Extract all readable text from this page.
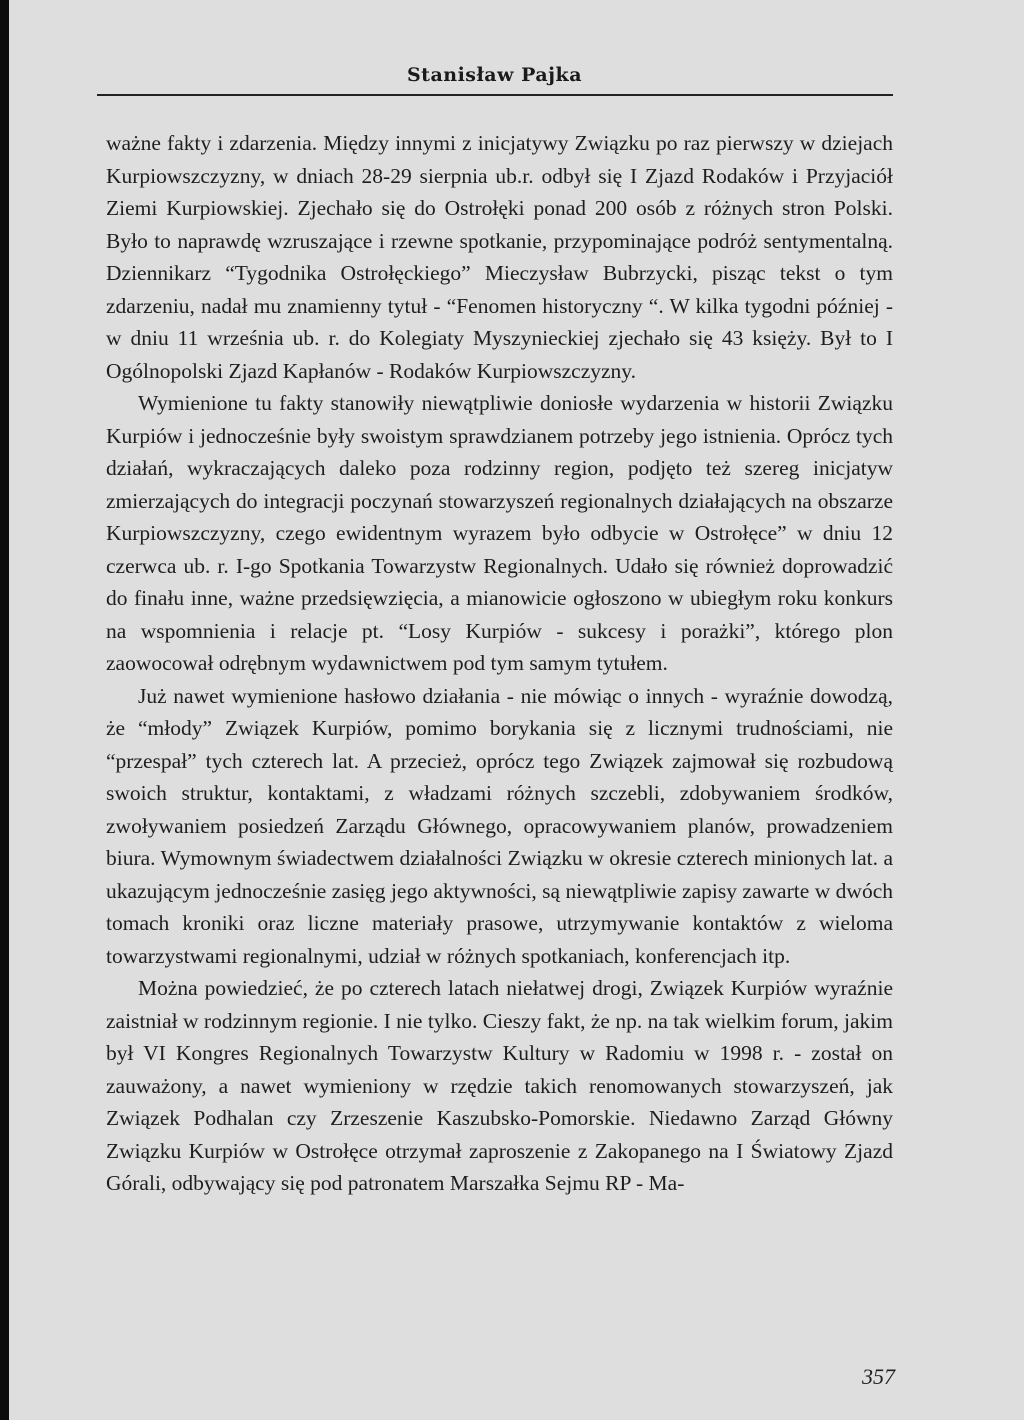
Stanisław Pajka

ważne fakty i zdarzenia. Między innymi z inicjatywy Związku po raz pierwszy w dziejach Kurpiowszczyzny, w dniach 28-29 sierpnia ub.r. odbył się I Zjazd Rodaków i Przyjaciół Ziemi Kurpiowskiej. Zjechało się do Ostrołęki ponad 200 osób z różnych stron Polski. Było to naprawdę wzruszające i rzewne spotkanie, przypominające podróż sentymentalną. Dziennikarz “Tygodnika Ostrołęckiego” Mieczysław Bubrzycki, pisząc tekst o tym zdarzeniu, nadał mu znamienny tytuł - “Fenomen historyczny “. W kilka tygodni później - w dniu 11 września ub. r. do Kolegiaty Myszynieckiej zjechało się 43 księży. Był to I Ogólnopolski Zjazd Kapłanów - Rodaków Kurpiowszczyzny.

Wymienione tu fakty stanowiły niewątpliwie doniosłe wydarzenia w historii Związku Kurpiów i jednocześnie były swoistym sprawdzianem potrzeby jego istnienia. Oprócz tych działań, wykraczających daleko poza rodzinny region, podjęto też szereg inicjatyw zmierzających do integracji poczynań stowarzyszeń regionalnych działających na obszarze Kurpiowszczyzny, czego ewidentnym wyrazem było odbycie w Ostrołęce” w dniu 12 czerwca ub. r. I-go Spotkania Towarzystw Regionalnych. Udało się również doprowadzić do finału inne, ważne przedsięwzięcia, a mianowicie ogłoszono w ubiegłym roku konkurs na wspomnienia i relacje pt. “Losy Kurpiów - sukcesy i porażki”, którego plon zaowocował odrębnym wydawnictwem pod tym samym tytułem.

Już nawet wymienione hasłowo działania - nie mówiąc o innych - wyraźnie dowodzą, że “młody” Związek Kurpiów, pomimo borykania się z licznymi trudnościami, nie “przespał” tych czterech lat. A przecież, oprócz tego Związek zajmował się rozbudową swoich struktur, kontaktami, z władzami różnych szczebli, zdobywaniem środków, zwoływaniem posiedzeń Zarządu Głównego, opracowywaniem planów, prowadzeniem biura. Wymownym świadectwem działalności Związku w okresie czterech minionych lat. a ukazującym jednocześnie zasięg jego aktywności, są niewątpliwie zapisy zawarte w dwóch tomach kroniki oraz liczne materiały prasowe, utrzymywanie kontaktów z wieloma towarzystwami regionalnymi, udział w różnych spotkaniach, konferencjach itp.

Można powiedzieć, że po czterech latach niełatwej drogi, Związek Kurpiów wyraźnie zaistniał w rodzinnym regionie. I nie tylko. Cieszy fakt, że np. na tak wielkim forum, jakim był VI Kongres Regionalnych Towarzystw Kultury w Radomiu w 1998 r. - został on zauważony, a nawet wymieniony w rzędzie takich renomowanych stowarzyszeń, jak Związek Podhalan czy Zrzeszenie Kaszubsko-Pomorskie. Niedawno Zarząd Główny Związku Kurpiów w Ostrołęce otrzymał zaproszenie z Zakopanego na I Światowy Zjazd Górali, odbywający się pod patronatem Marszałka Sejmu RP - Ma-

357
